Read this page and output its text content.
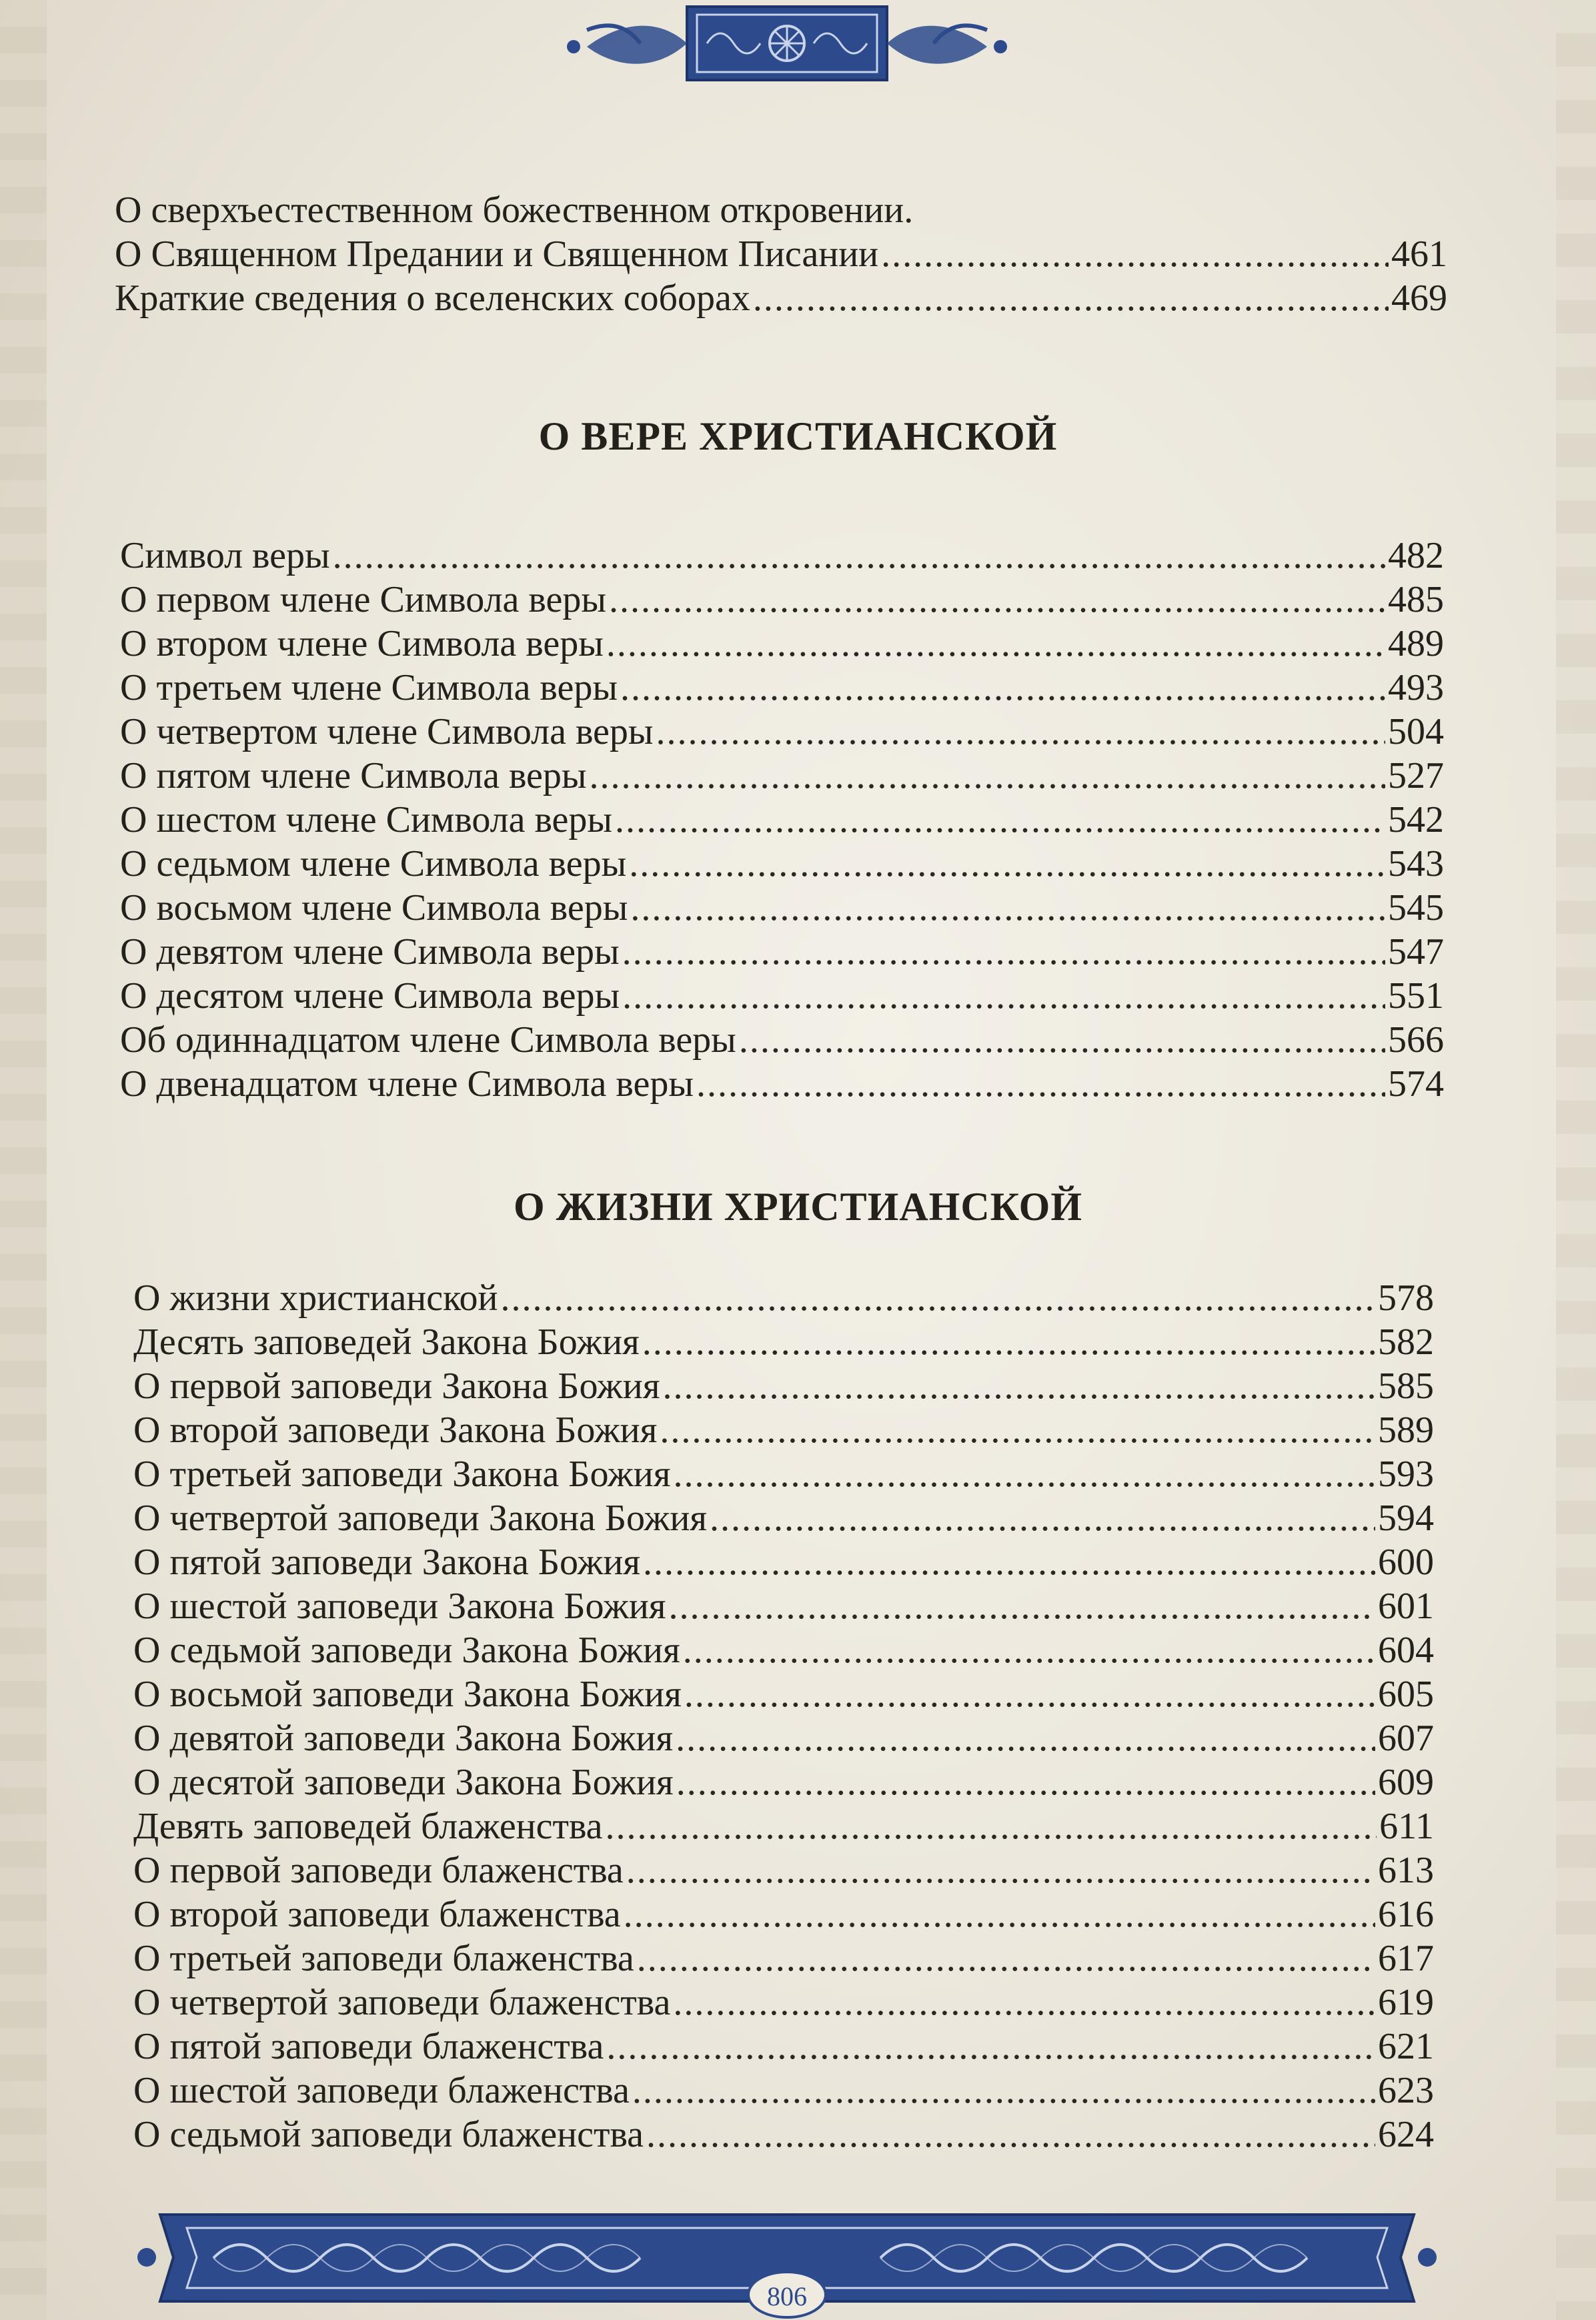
О сверхъестественном божественном откровении.
О Священном Предании и Священном Писании .....	461
Краткие сведения о вселенских соборах .....	469
О ВЕРЕ ХРИСТИАНСКОЙ
Символ веры .....	482
О первом члене Символа веры .....	485
О втором члене Символа веры .....	489
О третьем члене Символа веры .....	493
О четвертом члене Символа веры .....	504
О пятом члене Символа веры .....	527
О шестом члене Символа веры .....	542
О седьмом члене Символа веры .....	543
О восьмом члене Символа веры .....	545
О девятом члене Символа веры .....	547
О десятом члене Символа веры .....	551
Об одиннадцатом члене Символа веры .....	566
О двенадцатом члене Символа веры .....	574
О ЖИЗНИ ХРИСТИАНСКОЙ
О жизни христианской .....	578
Десять заповедей Закона Божия .....	582
О первой заповеди Закона Божия .....	585
О второй заповеди Закона Божия .....	589
О третьей заповеди Закона Божия .....	593
О четвертой заповеди Закона Божия .....	594
О пятой заповеди Закона Божия .....	600
О шестой заповеди Закона Божия .....	601
О седьмой заповеди Закона Божия .....	604
О восьмой заповеди Закона Божия .....	605
О девятой заповеди Закона Божия .....	607
О десятой заповеди Закона Божия .....	609
Девять заповедей блаженства .....	611
О первой заповеди блаженства .....	613
О второй заповеди блаженства .....	616
О третьей заповеди блаженства .....	617
О четвертой заповеди блаженства .....	619
О пятой заповеди блаженства .....	621
О шестой заповеди блаженства .....	623
О седьмой заповеди блаженства .....	624
806
